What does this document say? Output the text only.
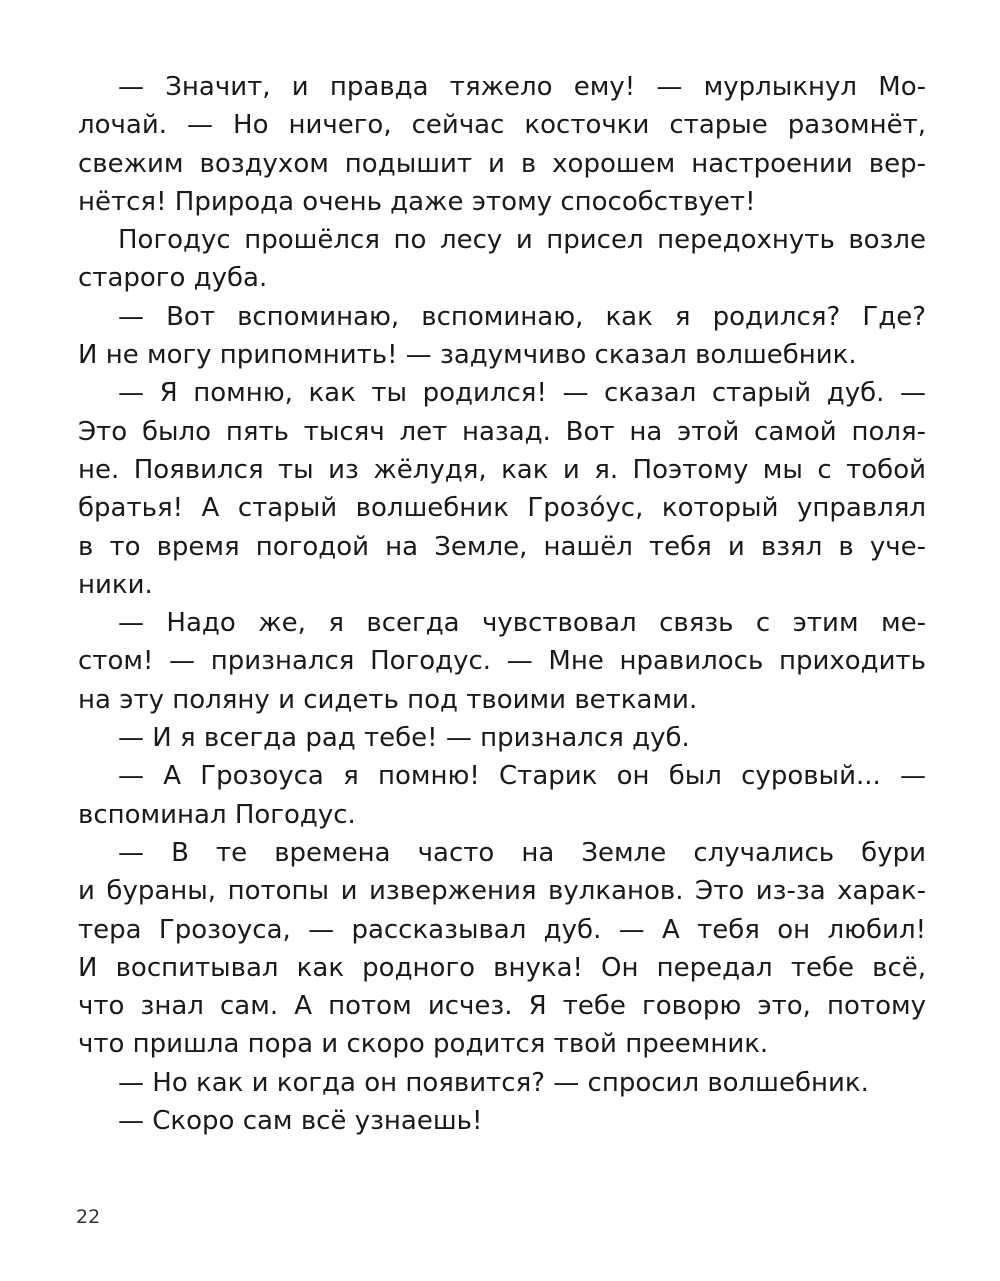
— Значит, и правда тяжело ему! — мурлыкнул Мо-
лочай. — Но ничего, сейчас косточки старые разомнёт,
свежим воздухом подышит и в хорошем настроении вер-
нётся! Природа очень даже этому способствует!
Погодус прошёлся по лесу и присел передохнуть возле
старого дуба.
— Вот вспоминаю, вспоминаю, как я родился? Где?
И не могу припомнить! — задумчиво сказал волшебник.
— Я помню, как ты родился! — сказал старый дуб. —
Это было пять тысяч лет назад. Вот на этой самой поля-
не. Появился ты из жёлудя, как и я. Поэтому мы с тобой
братья! А старый волшебник Грозо́ус, который управлял
в то время погодой на Земле, нашёл тебя и взял в уче-
ники.
— Надо же, я всегда чувствовал связь с этим ме-
стом! — признался Погодус. — Мне нравилось приходить
на эту поляну и сидеть под твоими ветками.
— И я всегда рад тебе! — признался дуб.
— А Грозоуса я помню! Старик он был суровый... —
вспоминал Погодус.
— В те времена часто на Земле случались бури
и бураны, потопы и извержения вулканов. Это из-за харак-
тера Грозоуса, — рассказывал дуб. — А тебя он любил!
И воспитывал как родного внука! Он передал тебе всё,
что знал сам. А потом исчез. Я тебе говорю это, потому
что пришла пора и скоро родится твой преемник.
— Но как и когда он появится? — спросил волшебник.
— Скоро сам всё узнаешь!
22
